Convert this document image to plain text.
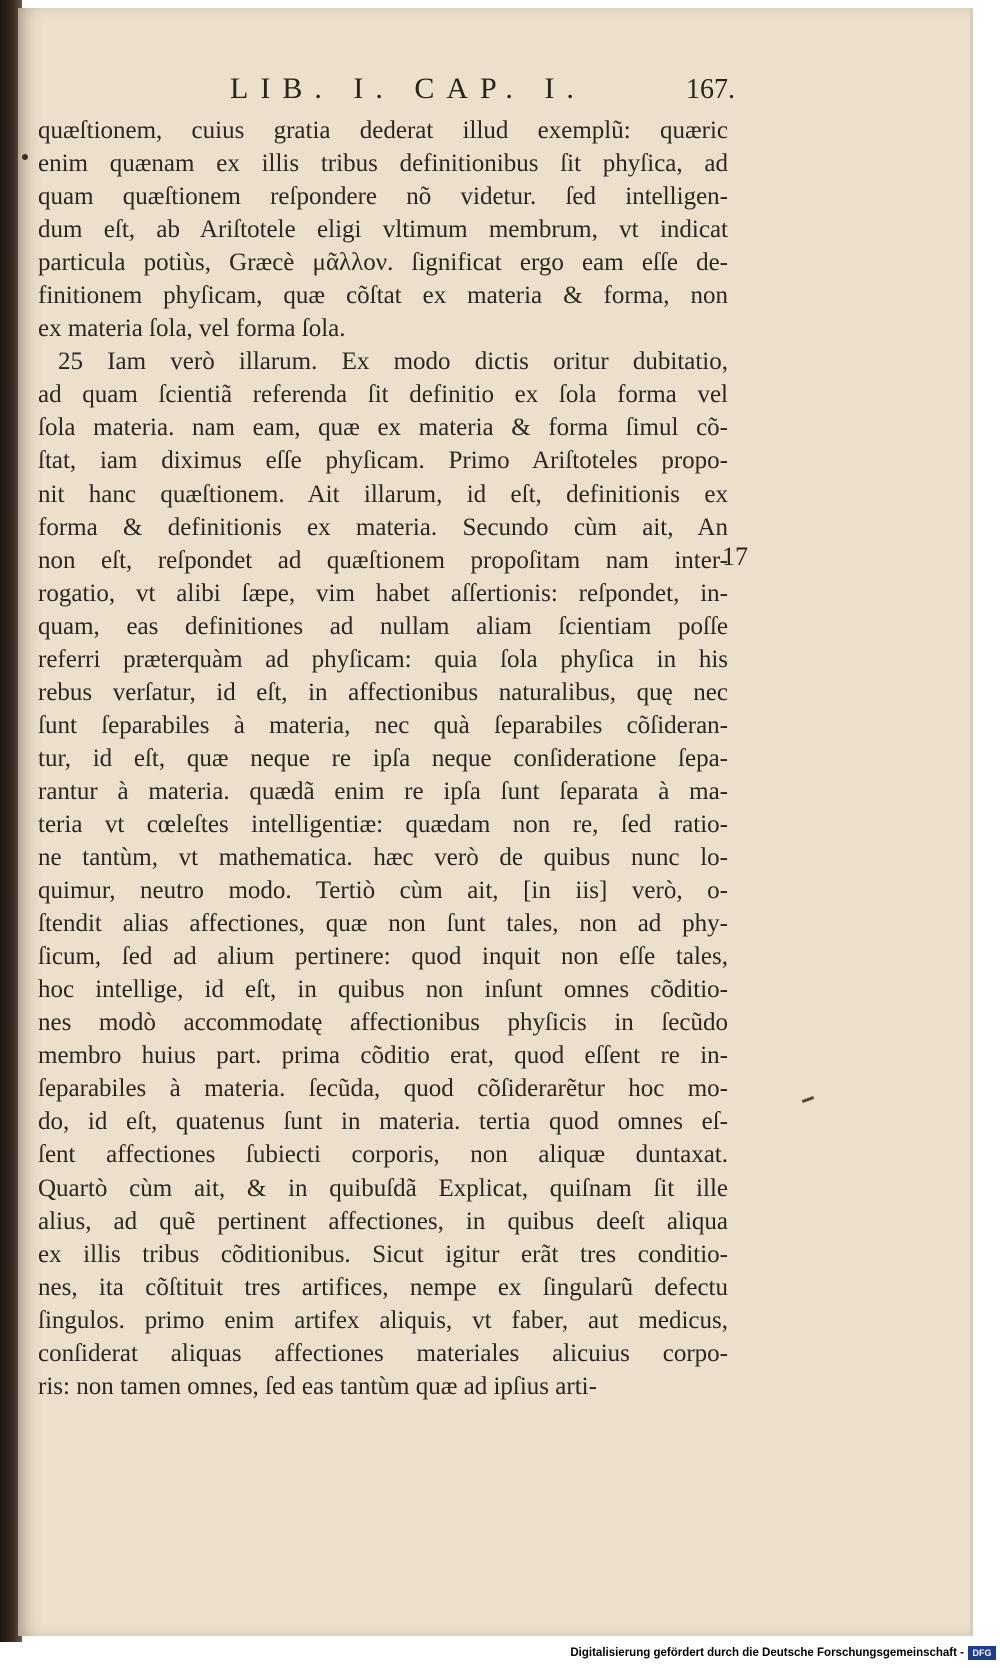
LIB. I. CAP. I.	167.
quæſtionem, cuius gratia dederat illud exemplũ: quæric
enim quænam ex illis tribus definitionibus ſit phyſica, ad
quam quæſtionem reſpondere nõ videtur. ſed intelligen-
dum eſt, ab Ariſtotele eligi vltimum membrum, vt indicat
particula potiùs, Græcè μᾶλλον. ſignificat ergo eam eſſe de-
finitionem phyſicam, quæ cõſtat ex materia & forma, non
ex materia ſola, vel forma ſola.
25 Iam verò illarum. Ex modo dictis oritur dubitatio,
ad quam ſcientiã referenda ſit definitio ex ſola forma vel
ſola materia. nam eam, quæ ex materia & forma ſimul cõ-
ſtat, iam diximus eſſe phyſicam. Primo Ariſtoteles propo-
nit hanc quæſtionem. Ait illarum, id eſt, definitionis ex
forma & definitionis ex materia. Secundo cùm ait, An
non eſt, reſpondet ad quæſtionem propoſitam nam inter-
rogatio, vt alibi ſæpe, vim habet aſſertionis: reſpondet, in-
quam, eas definitiones ad nullam aliam ſcientiam poſſe
referri præterquàm ad phyſicam: quia ſola phyſica in his
rebus verſatur, id eſt, in affectionibus naturalibus, quę nec
ſunt ſeparabiles à materia, nec quà ſeparabiles cõſideran-
tur, id eſt, quæ neque re ipſa neque conſideratione ſepa-
rantur à materia. quædã enim re ipſa ſunt ſeparata à ma-
teria vt cœleſtes intelligentiæ: quædam non re, ſed ratio-
ne tantùm, vt mathematica. hæc verò de quibus nunc lo-
quimur, neutro modo. Tertiò cùm ait, [in iis] verò, o-
ſtendit alias affectiones, quæ non ſunt tales, non ad phy-
ſicum, ſed ad alium pertinere: quod inquit non eſſe tales,
hoc intellige, id eſt, in quibus non inſunt omnes cõditio-
nes modò accommodatę affectionibus phyſicis in ſecũdo
membro huius part. prima cõditio erat, quod eſſent re in-
ſeparabiles à materia. ſecũda, quod cõſiderarẽtur hoc mo-
do, id eſt, quatenus ſunt in materia. tertia quod omnes eſ-
ſent affectiones ſubiecti corporis, non aliquæ duntaxat.
Quartò cùm ait, & in quibuſdã Explicat, quiſnam ſit ille
alius, ad quẽ pertinent affectiones, in quibus deeſt aliqua
ex illis tribus cõditionibus. Sicut igitur erãt tres conditio-
nes, ita cõſtituit tres artifices, nempe ex ſingularũ defectu
ſingulos. primo enim artifex aliquis, vt faber, aut medicus,
conſiderat aliquas affectiones materiales alicuius corpo-
ris: non tamen omnes, ſed eas tantùm quæ ad ipſius arti-
17
Digitalisierung gefördert durch die Deutsche Forschungsgemeinschaft - DFG
